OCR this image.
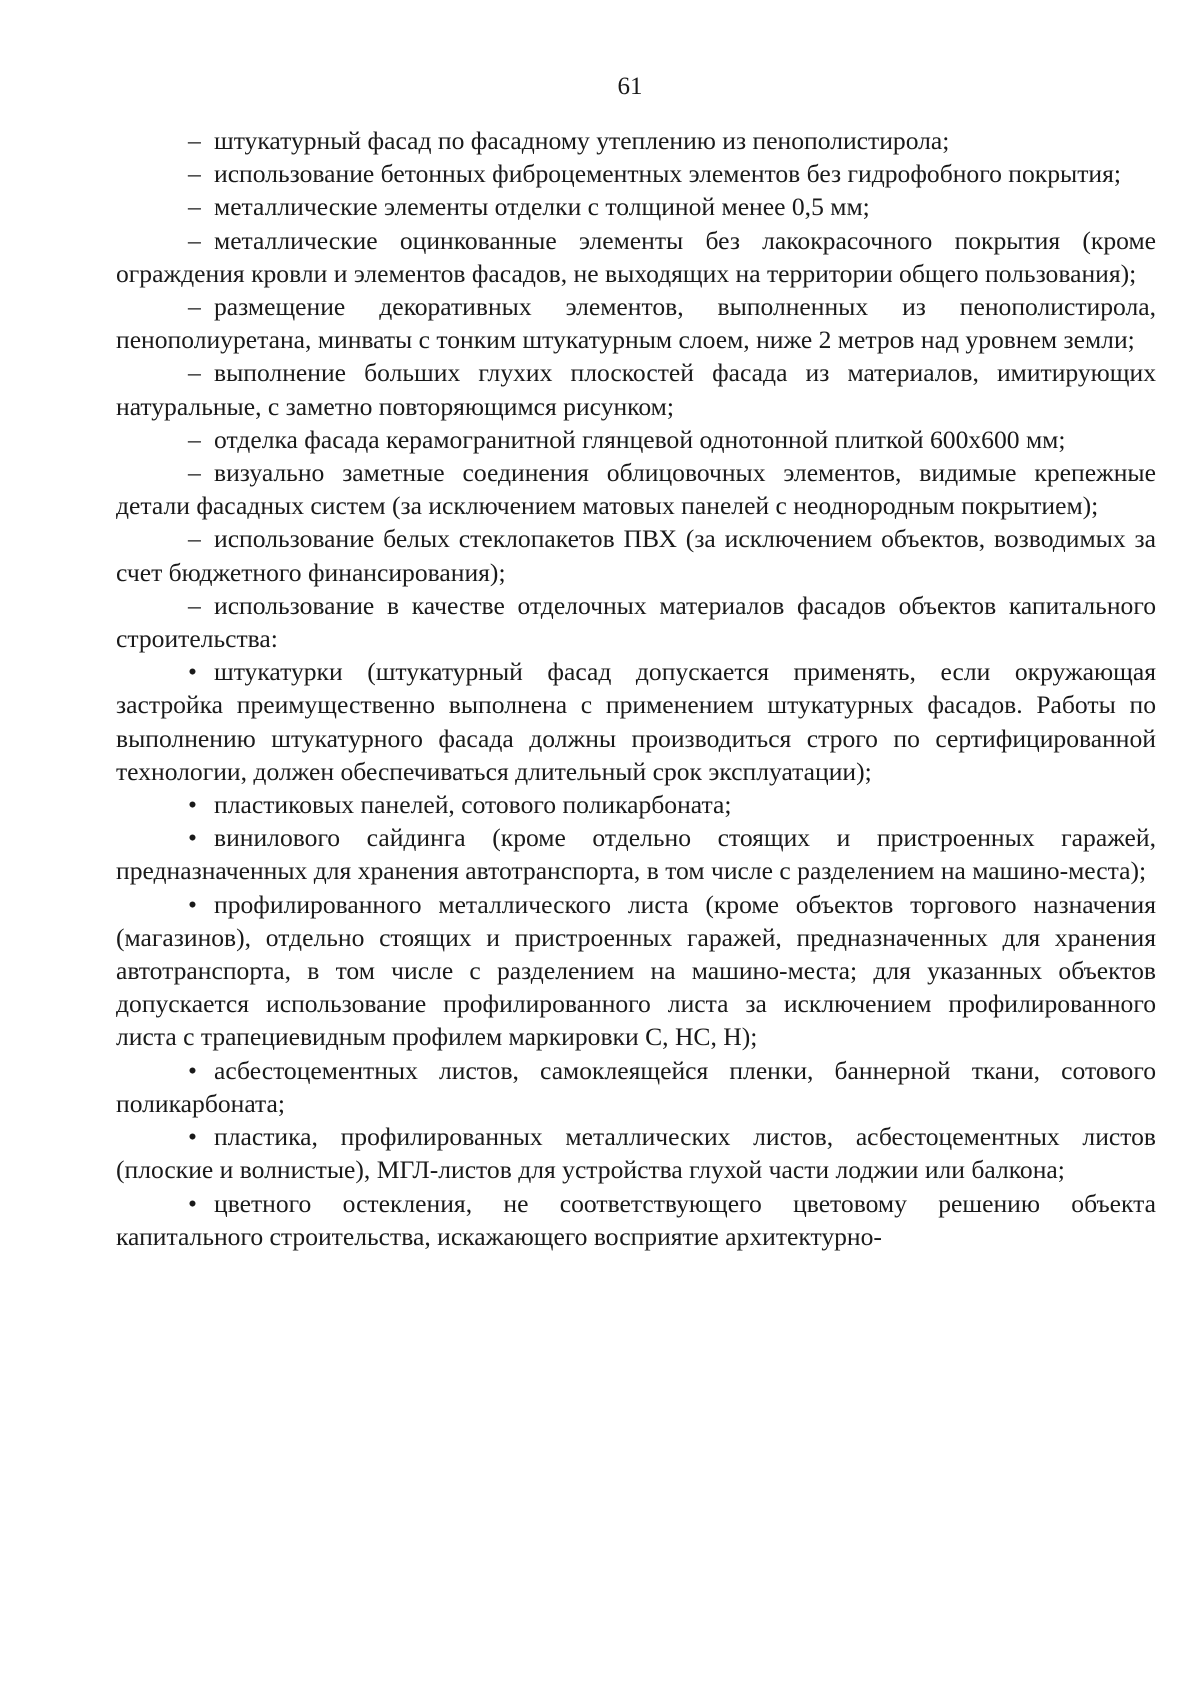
61

– штукатурный фасад по фасадному утеплению из пенополистирола;

– использование бетонных фиброцементных элементов без гидрофобного покрытия;

– металлические элементы отделки с толщиной менее 0,5 мм;

– металлические оцинкованные элементы без лакокрасочного покрытия (кроме ограждения кровли и элементов фасадов, не выходящих на территории общего пользования);

– размещение декоративных элементов, выполненных из пенополистирола, пенополиуретана, минваты с тонким штукатурным слоем, ниже 2 метров над уровнем земли;

– выполнение больших глухих плоскостей фасада из материалов, имитирующих натуральные, с заметно повторяющимся рисунком;

– отделка фасада керамогранитной глянцевой однотонной плиткой 600х600 мм;

– визуально заметные соединения облицовочных элементов, видимые крепежные детали фасадных систем (за исключением матовых панелей с неоднородным покрытием);

– использование белых стеклопакетов ПВХ (за исключением объектов, возводимых за счет бюджетного финансирования);

– использование в качестве отделочных материалов фасадов объектов капитального строительства:

• штукатурки (штукатурный фасад допускается применять, если окружающая застройка преимущественно выполнена с применением штукатурных фасадов. Работы по выполнению штукатурного фасада должны производиться строго по сертифицированной технологии, должен обеспечиваться длительный срок эксплуатации);

• пластиковых панелей, сотового поликарбоната;

• винилового сайдинга (кроме отдельно стоящих и пристроенных гаражей, предназначенных для хранения автотранспорта, в том числе с разделением на машино-места);

• профилированного металлического листа (кроме объектов торгового назначения (магазинов), отдельно стоящих и пристроенных гаражей, предназначенных для хранения автотранспорта, в том числе с разделением на машино-места; для указанных объектов допускается использование профилированного листа за исключением профилированного листа с трапециевидным профилем маркировки С, НС, Н);

• асбестоцементных листов, самоклеящейся пленки, баннерной ткани, сотового поликарбоната;

• пластика, профилированных металлических листов, асбестоцементных листов (плоские и волнистые), МГЛ-листов для устройства глухой части лоджии или балкона;

• цветного остекления, не соответствующего цветовому решению объекта капитального строительства, искажающего восприятие архитектурно-
